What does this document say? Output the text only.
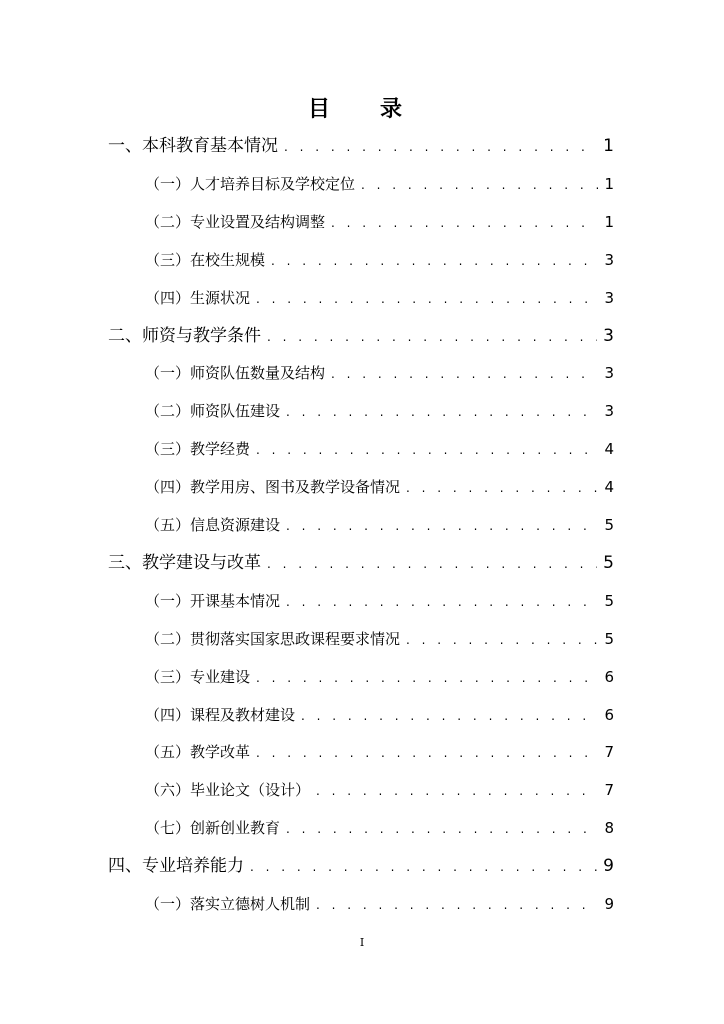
目　录
一、本科教育基本情况 . . .	1
（一）人才培养目标及学校定位 . . .	1
（二）专业设置及结构调整 . . .	1
（三）在校生规模 . . .	3
（四）生源状况 . . .	3
二、师资与教学条件 . . .	3
（一）师资队伍数量及结构 . . .	3
（二）师资队伍建设 . . .	3
（三）教学经费 . . .	4
（四）教学用房、图书及教学设备情况 . . .	4
（五）信息资源建设 . . .	5
三、教学建设与改革 . . .	5
（一）开课基本情况 . . .	5
（二）贯彻落实国家思政课程要求情况 . . .	5
（三）专业建设 . . .	6
（四）课程及教材建设 . . .	6
（五）教学改革 . . .	7
（六）毕业论文（设计） . . .	7
（七）创新创业教育 . . .	8
四、专业培养能力 . . .	9
（一）落实立德树人机制 . . .	9
I
